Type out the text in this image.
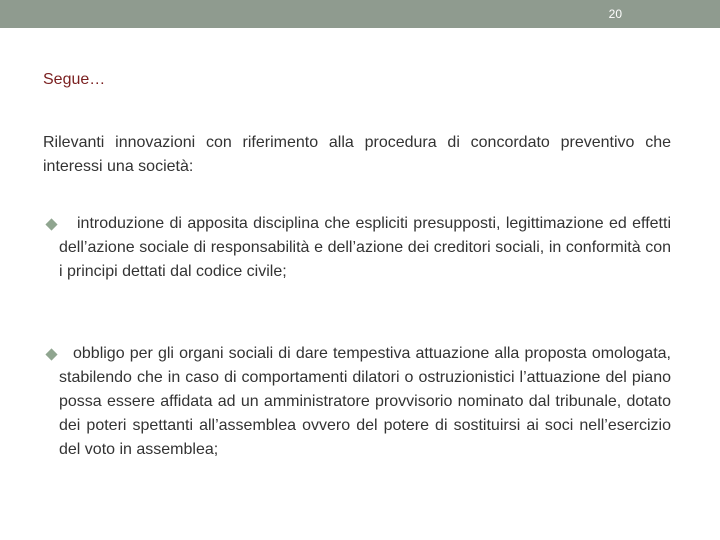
20
Segue…
Rilevanti innovazioni con riferimento alla procedura di concordato preventivo che interessi una società:
introduzione di apposita disciplina che espliciti presupposti, legittimazione ed effetti dell’azione sociale di responsabilità e dell’azione dei creditori sociali, in conformità con i principi dettati dal codice civile;
obbligo per gli organi sociali di dare tempestiva attuazione alla proposta omologata, stabilendo che in caso di comportamenti dilatori o ostruzionistici l’attuazione del piano possa essere affidata ad un amministratore provvisorio nominato dal tribunale, dotato dei poteri spettanti all’assemblea ovvero del potere di sostituirsi ai soci nell’esercizio del voto in assemblea;
